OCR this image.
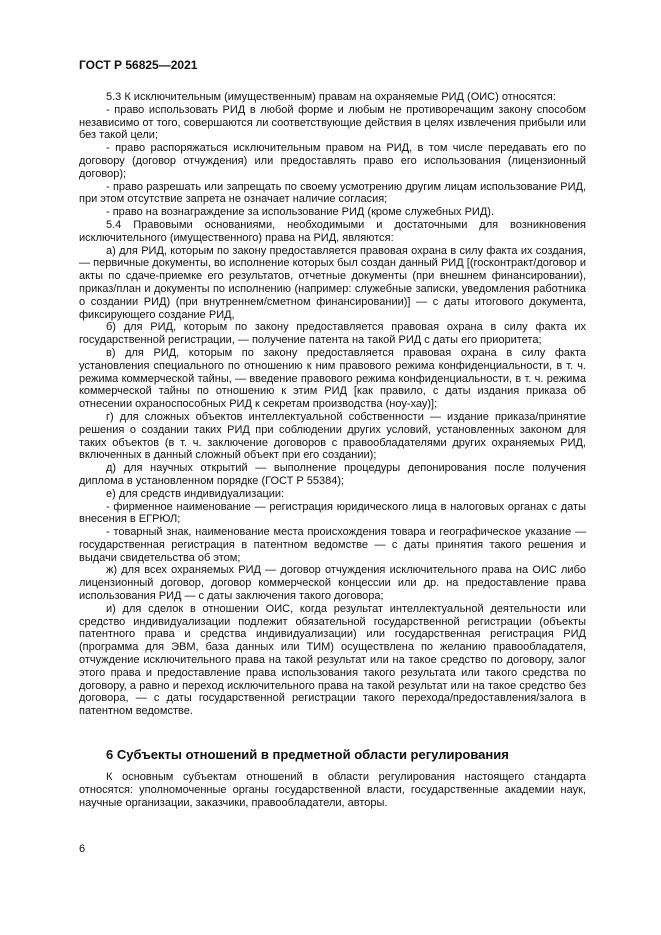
ГОСТ Р 56825—2021

5.3 К исключительным (имущественным) правам на охраняемые РИД (ОИС) относятся:

- право использовать РИД в любой форме и любым не противоречащим закону способом независимо от того, совершаются ли соответствующие действия в целях извлечения прибыли или без такой цели;

- право распоряжаться исключительным правом на РИД, в том числе передавать его по договору (договор отчуждения) или предоставлять право его использования (лицензионный договор);

- право разрешать или запрещать по своему усмотрению другим лицам использование РИД, при этом отсутствие запрета не означает наличие согласия;

- право на вознаграждение за использование РИД (кроме служебных РИД).

5.4 Правовыми основаниями, необходимыми и достаточными для возникновения исключительного (имущественного) права на РИД, являются:

а) для РИД, которым по закону предоставляется правовая охрана в силу факта их создания, — первичные документы, во исполнение которых был создан данный РИД [(госконтракт/договор и акты по сдаче-приемке его результатов, отчетные документы (при внешнем финансировании), приказ/план и документы по исполнению (например: служебные записки, уведомления работника о создании РИД) (при внутреннем/сметном финансировании)] — с даты итогового документа, фиксирующего создание РИД,

б) для РИД, которым по закону предоставляется правовая охрана в силу факта их государственной регистрации, — получение патента на такой РИД с даты его приоритета;

в) для РИД, которым по закону предоставляется правовая охрана в силу факта установления специального по отношению к ним правового режима конфиденциальности, в т. ч. режима коммерческой тайны, — введение правового режима конфиденциальности, в т. ч. режима коммерческой тайны по отношению к этим РИД [как правило, с даты издания приказа об отнесении охраноспособных РИД к секретам производства (ноу-хау)];

г) для сложных объектов интеллектуальной собственности — издание приказа/принятие решения о создании таких РИД при соблюдении других условий, установленных законом для таких объектов (в т. ч. заключение договоров с правообладателями других охраняемых РИД, включенных в данный сложный объект при его создании);

д) для научных открытий — выполнение процедуры депонирования после получения диплома в установленном порядке (ГОСТ Р 55384);

е) для средств индивидуализации:

- фирменное наименование — регистрация юридического лица в налоговых органах с даты внесения в ЕГРЮЛ;

- товарный знак, наименование места происхождения товара и географическое указание — государственная регистрация в патентном ведомстве — с даты принятия такого решения и выдачи свидетельства об этом;

ж) для всех охраняемых РИД — договор отчуждения исключительного права на ОИС либо лицензионный договор, договор коммерческой концессии или др. на предоставление права использования РИД — с даты заключения такого договора;

и) для сделок в отношении ОИС, когда результат интеллектуальной деятельности или средство индивидуализации подлежит обязательной государственной регистрации (объекты патентного права и средства индивидуализации) или государственная регистрация РИД (программа для ЭВМ, база данных или ТИМ) осуществлена по желанию правообладателя, отчуждение исключительного права на такой результат или на такое средство по договору, залог этого права и предоставление права использования такого результата или такого средства по договору, а равно и переход исключительного права на такой результат или на такое средство без договора, — с даты государственной регистрации такого перехода/предоставления/залога в патентном ведомстве.

6 Субъекты отношений в предметной области регулирования

К основным субъектам отношений в области регулирования настоящего стандарта относятся: уполномоченные органы государственной власти, государственные академии наук, научные организации, заказчики, правообладатели, авторы.

6
